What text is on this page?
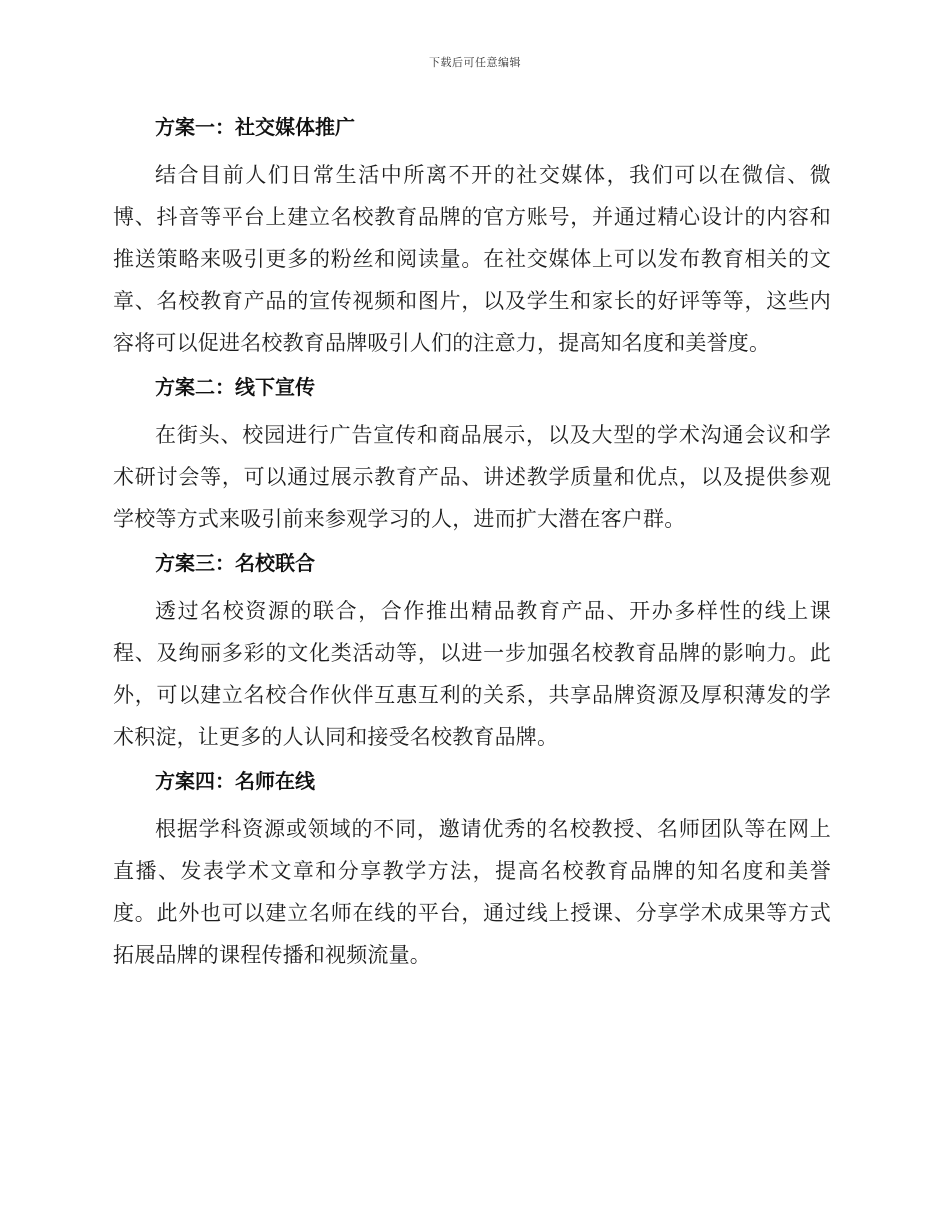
下载后可任意编辑
方案一：社交媒体推广

结合目前人们日常生活中所离不开的社交媒体，我们可以在微信、微博、抖音等平台上建立名校教育品牌的官方账号，并通过精心设计的内容和推送策略来吸引更多的粉丝和阅读量。在社交媒体上可以发布教育相关的文章、名校教育产品的宣传视频和图片，以及学生和家长的好评等等，这些内容将可以促进名校教育品牌吸引人们的注意力，提高知名度和美誉度。

方案二：线下宣传

在街头、校园进行广告宣传和商品展示，以及大型的学术沟通会议和学术研讨会等，可以通过展示教育产品、讲述教学质量和优点，以及提供参观学校等方式来吸引前来参观学习的人，进而扩大潜在客户群。

方案三：名校联合

透过名校资源的联合，合作推出精品教育产品、开办多样性的线上课程、及绚丽多彩的文化类活动等，以进一步加强名校教育品牌的影响力。此外，可以建立名校合作伙伴互惠互利的关系，共享品牌资源及厚积薄发的学术积淀，让更多的人认同和接受名校教育品牌。

方案四：名师在线

根据学科资源或领域的不同，邀请优秀的名校教授、名师团队等在网上直播、发表学术文章和分享教学方法，提高名校教育品牌的知名度和美誉度。此外也可以建立名师在线的平台，通过线上授课、分享学术成果等方式拓展品牌的课程传播和视频流量。
